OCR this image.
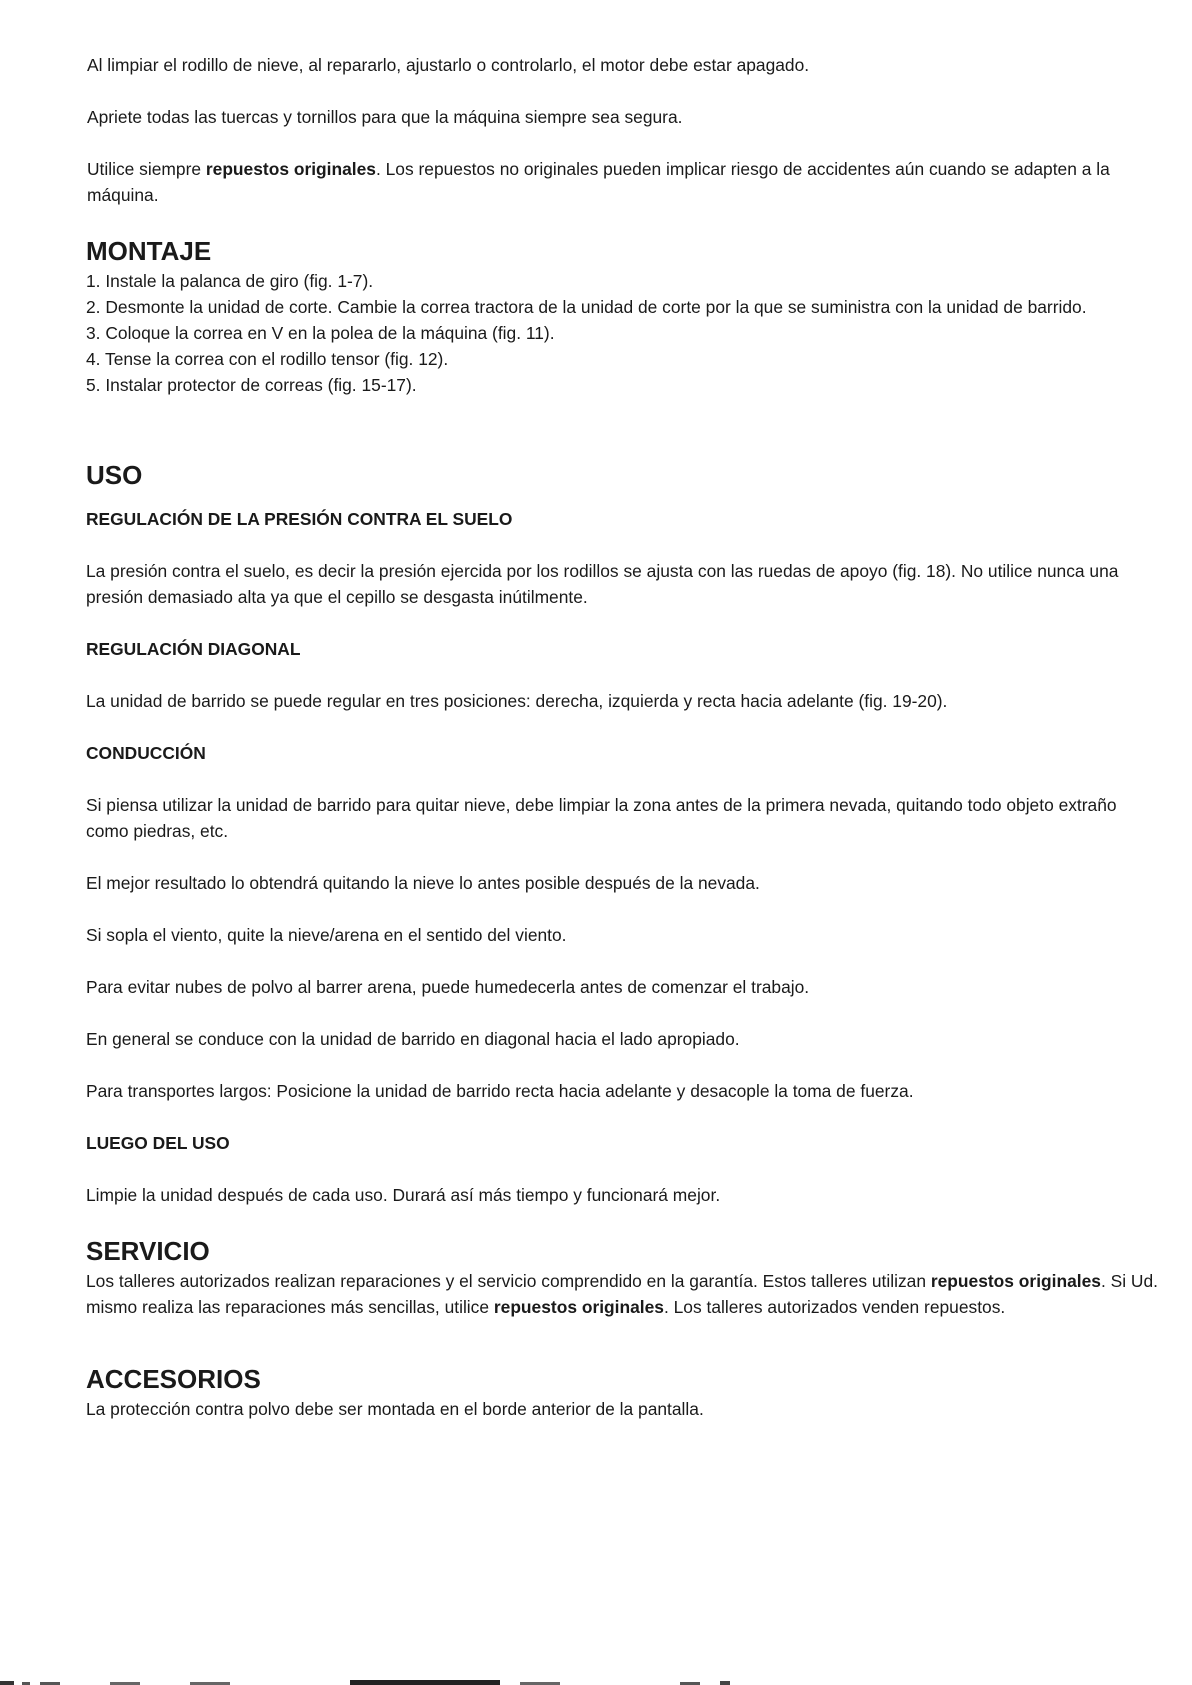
Al limpiar el rodillo de nieve, al repararlo, ajustarlo o controlarlo, el motor debe estar apagado.

Apriete todas las tuercas y tornillos para que la máquina siempre sea segura.

Utilice siempre repuestos originales. Los repuestos no originales pueden implicar riesgo de accidentes aún cuando se adapten a la máquina.

MONTAJE

1. Instale la palanca de giro (fig. 1-7).

2. Desmonte la unidad de corte. Cambie la correa tractora de la unidad de corte por la que se suministra con la unidad de barrido.

3. Coloque la correa en V en la polea de la máquina (fig. 11).

4. Tense la correa con el rodillo tensor (fig. 12).

5. Instalar protector de correas (fig. 15-17).

USO
REGULACIÓN DE LA PRESIÓN CONTRA EL SUELO

La presión contra el suelo, es decir la presión ejercida por los rodillos se ajusta con las ruedas de apoyo (fig. 18). No utilice nunca una presión demasiado alta ya que el cepillo se desgasta inútilmente.

REGULACIÓN DIAGONAL

La unidad de barrido se puede regular en tres posiciones: derecha, izquierda y recta hacia adelante (fig. 19-20).

CONDUCCIÓN

Si piensa utilizar la unidad de barrido para quitar nieve, debe limpiar la zona antes de la primera nevada, quitando todo objeto extraño como piedras, etc.

El mejor resultado lo obtendrá quitando la nieve lo antes posible después de la nevada.

Si sopla el viento, quite la nieve/arena en el sentido del viento.

Para evitar nubes de polvo al barrer arena, puede humedecerla antes de comenzar el trabajo.

En general se conduce con la unidad de barrido en diagonal hacia el lado apropiado.

Para transportes largos: Posicione la unidad de barrido recta hacia adelante y desacople la toma de fuerza.

LUEGO DEL USO

Limpie la unidad después de cada uso. Durará así más tiempo y funcionará mejor.

SERVICIO

Los talleres autorizados realizan reparaciones y el servicio comprendido en la garantía. Estos talleres utilizan repuestos originales. Si Ud. mismo realiza las reparaciones más sencillas, utilice repuestos originales. Los talleres autorizados venden repuestos.

ACCESORIOS

La protección contra polvo debe ser montada en el borde anterior de la pantalla.
